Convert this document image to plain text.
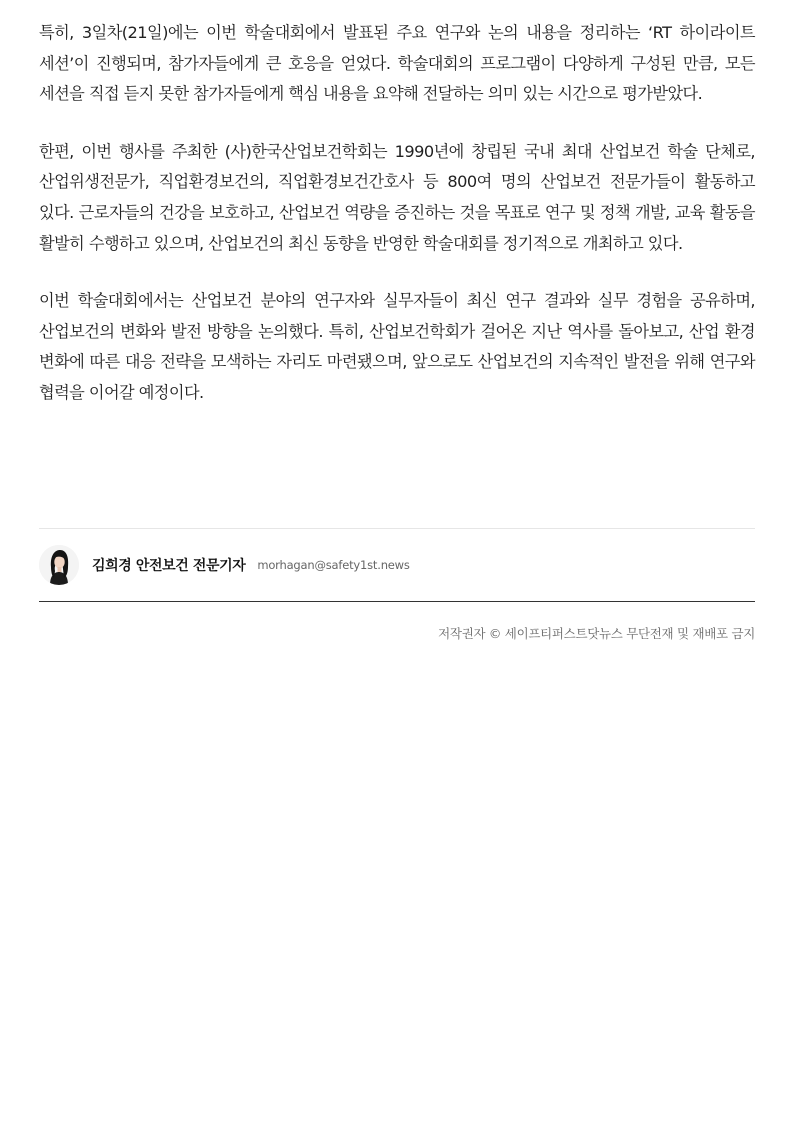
특히, 3일차(21일)에는 이번 학술대회에서 발표된 주요 연구와 논의 내용을 정리하는 ‘RT 하이라이트 세션’이 진행되며, 참가자들에게 큰 호응을 얻었다. 학술대회의 프로그램이 다양하게 구성된 만큼, 모든 세션을 직접 듣지 못한 참가자들에게 핵심 내용을 요약해 전달하는 의미 있는 시간으로 평가받았다.

한편, 이번 행사를 주최한 (사)한국산업보건학회는 1990년에 창립된 국내 최대 산업보건 학술 단체로, 산업위생전문가, 직업환경보건의, 직업환경보건간호사 등 800여 명의 산업보건 전문가들이 활동하고 있다. 근로자들의 건강을 보호하고, 산업보건 역량을 증진하는 것을 목표로 연구 및 정책 개발, 교육 활동을 활발히 수행하고 있으며, 산업보건의 최신 동향을 반영한 학술대회를 정기적으로 개최하고 있다.

이번 학술대회에서는 산업보건 분야의 연구자와 실무자들이 최신 연구 결과와 실무 경험을 공유하며, 산업보건의 변화와 발전 방향을 논의했다. 특히, 산업보건학회가 걸어온 지난 역사를 돌아보고, 산업 환경 변화에 따른 대응 전략을 모색하는 자리도 마련됐으며, 앞으로도 산업보건의 지속적인 발전을 위해 연구와 협력을 이어갈 예정이다.

김희경 안전보건 전문기자 morhagan@safety1st.news
저작권자 © 세이프티퍼스트닷뉴스 무단전재 및 재배포 금지
